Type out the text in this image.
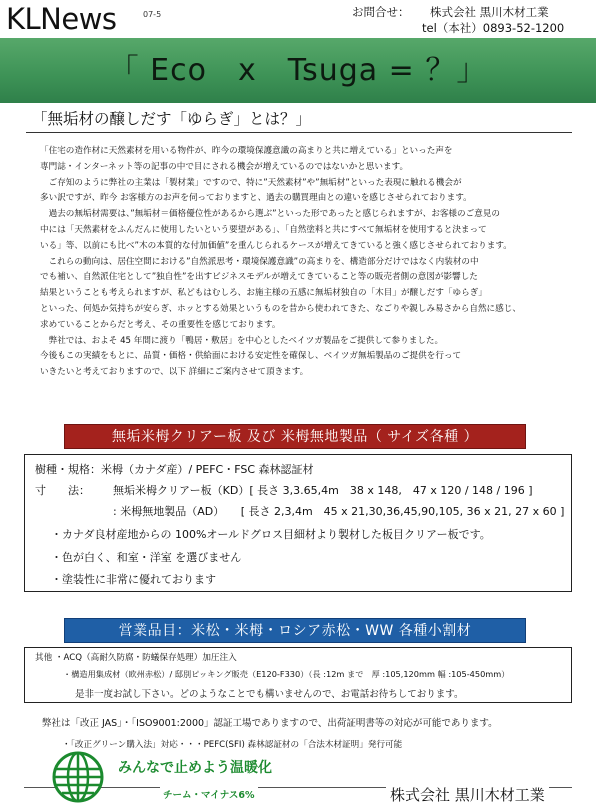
KLNews	07-5	お問合せ： 株式会社 黒川木材工業
tel（本社）0893-52-1200
「 Eco　x　Tsuga = ？」
「無垢材の醸しだす「ゆらぎ」とは？」

「住宅の造作材に天然素材を用いる物件が、昨今の環境保護意識の高まりと共に増えている」といった声を

専門誌・インターネット等の記事の中で目にされる機会が増えているのではないかと思います。

　ご存知のように弊社の主業は「製材業」ですので、特に”天然素材”や”無垢材”といった表現に触れる機会が

多い訳ですが、昨今 お客様方のお声を伺っておりますと、過去の購買理由との違いを感じさせられております。

　過去の無垢材需要は、”無垢材＝価格優位性があるから選ぶ”といった形であったと感じられますが、お客様のご意見の

中には「天然素材をふんだんに使用したいという要望がある」、「自然塗料と共にすべて無垢材を使用すると決まって

いる」等、以前にも比べ”木の本質的な付加価値”を重んじられるケースが増えてきていると強く感じさせられております。

　これらの動向は、居住空間における”自然派思考・環境保護意識”の高まりを、構造部分だけではなく内装材の中

でも補い、自然派住宅として”独自性”を出すビジネスモデルが増えてきていること等の販売者側の意図が影響した

結果ということも考えられますが、私どもはむしろ、お施主様の五感に無垢材独自の「木目」が醸しだす「ゆらぎ」

といった、何処か気持ちが安らぎ、ホッとする効果というものを昔から使われてきた、なごりや親しみ易さから自然に感じ、

求めていることからだと考え、その重要性を感じております。

　弊社では、およそ 45 年間に渡り「鴨居・敷居」を中心としたベイツガ製品をご提供して参りました。

今後もこの実績をもとに、品質・価格・供給面における安定性を確保し、ベイツガ無垢製品のご提供を行って

いきたいと考えておりますので、以下 詳細にご案内させて頂きます。

無垢米栂クリアー板 及び 米栂無地製品（ サイズ各種 ）
樹種・規格：米栂（カナダ産）/ PEFC・FSC 森林認証材
寸　　法： 無垢米栂クリアー板（KD）[ 長さ 3,3.65,4m　38 x 148,　47 x 120 / 148 / 196 ]
: 米栂無地製品（AD）　　[ 長さ 2,3,4m　45 x 21,30,36,45,90,105, 36 x 21, 27 x 60 ]
・カナダ良材産地からの 100%オールドグロス目細材より製材した板目クリアー板です。
・色が白く、和室・洋室 を選びません
・塗装性に非常に優れております
営業品目：米松・米栂・ロシア赤松・WW 各種小割材
其他 ・ACQ（高耐久防腐・防蟻保存処理）加圧注入
・構造用集成材（欧州赤松）/ 邸別ピッキング販売（E120-F330）（長 :12m まで　厚 :105,120mm 幅 :105-450mm）
是非一度お試し下さい。どのようなことでも構いませんので、お電話お待ちしております。
弊社は「改正 JAS」・「ISO9001:2000」認証工場でありますので、出荷証明書等の対応が可能であります。
・「改正グリーン購入法」対応・・・PEFC(SFI) 森林認証材の「合法木材証明」発行可能
みんなで止めよう温暖化
チーム・マイナス6%	株式会社 黒川木材工業
